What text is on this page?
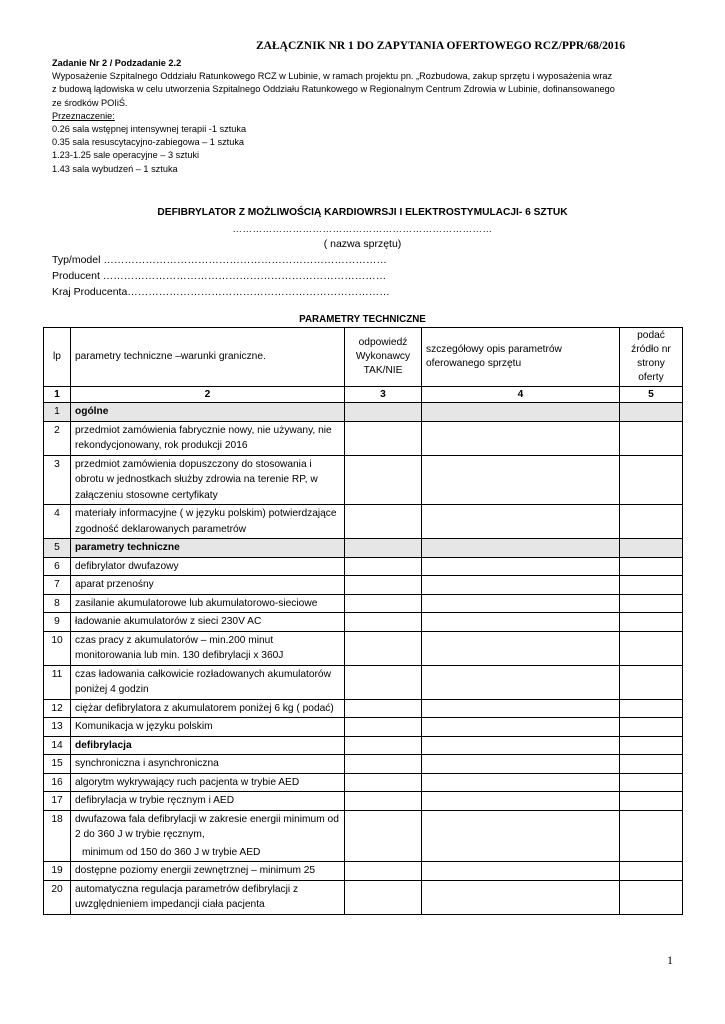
ZAŁĄCZNIK NR 1 DO ZAPYTANIA OFERTOWEGO RCZ/PPR/68/2016
Zadanie Nr 2 / Podzadanie 2.2
Wyposażenie Szpitalnego Oddziału Ratunkowego RCZ w Lubinie, w ramach projektu pn. „Rozbudowa, zakup sprzętu i wyposażenia wraz
z budową lądowiska w celu utworzenia Szpitalnego Oddziału Ratunkowego w Regionalnym Centrum Zdrowia w Lubinie, dofinansowanego
ze środków POIiŚ.
Przeznaczenie:
0.26 sala wstępnej intensywnej terapii -1 sztuka
0.35 sala resuscytacyjno-zabiegowa – 1 sztuka
1.23-1.25 sale operacyjne – 3 sztuki
1.43 sala wybudzeń – 1 sztuka
DEFIBRYLATOR Z MOŻLIWOŚCIĄ KARDIOWRSJI I ELEKTROSTYMULACJI- 6 SZTUK
……………………………………………………………………
( nazwa sprzętu)
Typ/model ………………………………………………………………………
Producent ………………………………………………………………………
Kraj Producenta…………………………………………………………………
PARAMETRY TECHNICZNE
lp	parametry techniczne –warunki graniczne.	odpowiedź Wykonawcy TAK/NIE	szczegółowy opis parametrów oferowanego sprzętu	podać źródło nr strony oferty
1	2	3	4	5
1	ogólne			
2	przedmiot zamówienia fabrycznie nowy, nie używany, nie rekondycjonowany, rok produkcji 2016			
3	przedmiot zamówienia dopuszczony do stosowania i obrotu w jednostkach służby zdrowia na terenie RP, w załączeniu stosowne certyfikaty			
4	materiały informacyjne ( w języku polskim) potwierdzające zgodność deklarowanych parametrów			
5	parametry techniczne			
6	defibrylator dwufazowy			
7	aparat przenośny			
8	zasilanie akumulatorowe lub akumulatorowo-sieciowe			
9	ładowanie akumulatorów z sieci 230V AC			
10	czas pracy z akumulatorów – min.200 minut monitorowania lub min. 130 defibrylacji x 360J			
11	czas ładowania całkowicie rozładowanych akumulatorów poniżej 4 godzin			
12	ciężar defibrylatora z akumulatorem poniżej 6 kg ( podać)			
13	Komunikacja w języku polskim			
14	defibrylacja			
15	synchroniczna i asynchroniczna			
16	algorytm wykrywający ruch pacjenta w trybie AED			
17	defibrylacja w trybie ręcznym i AED			
18	dwufazowa fala defibrylacji w zakresie energii minimum od 2 do 360 J w trybie ręcznym,
minimum od 150 do 360 J w trybie AED			

19	dostępne poziomy energii zewnętrznej – minimum 25			
20	automatyczna regulacja parametrów defibrylacji z uwzględnieniem impedancji ciała pacjenta			
1
